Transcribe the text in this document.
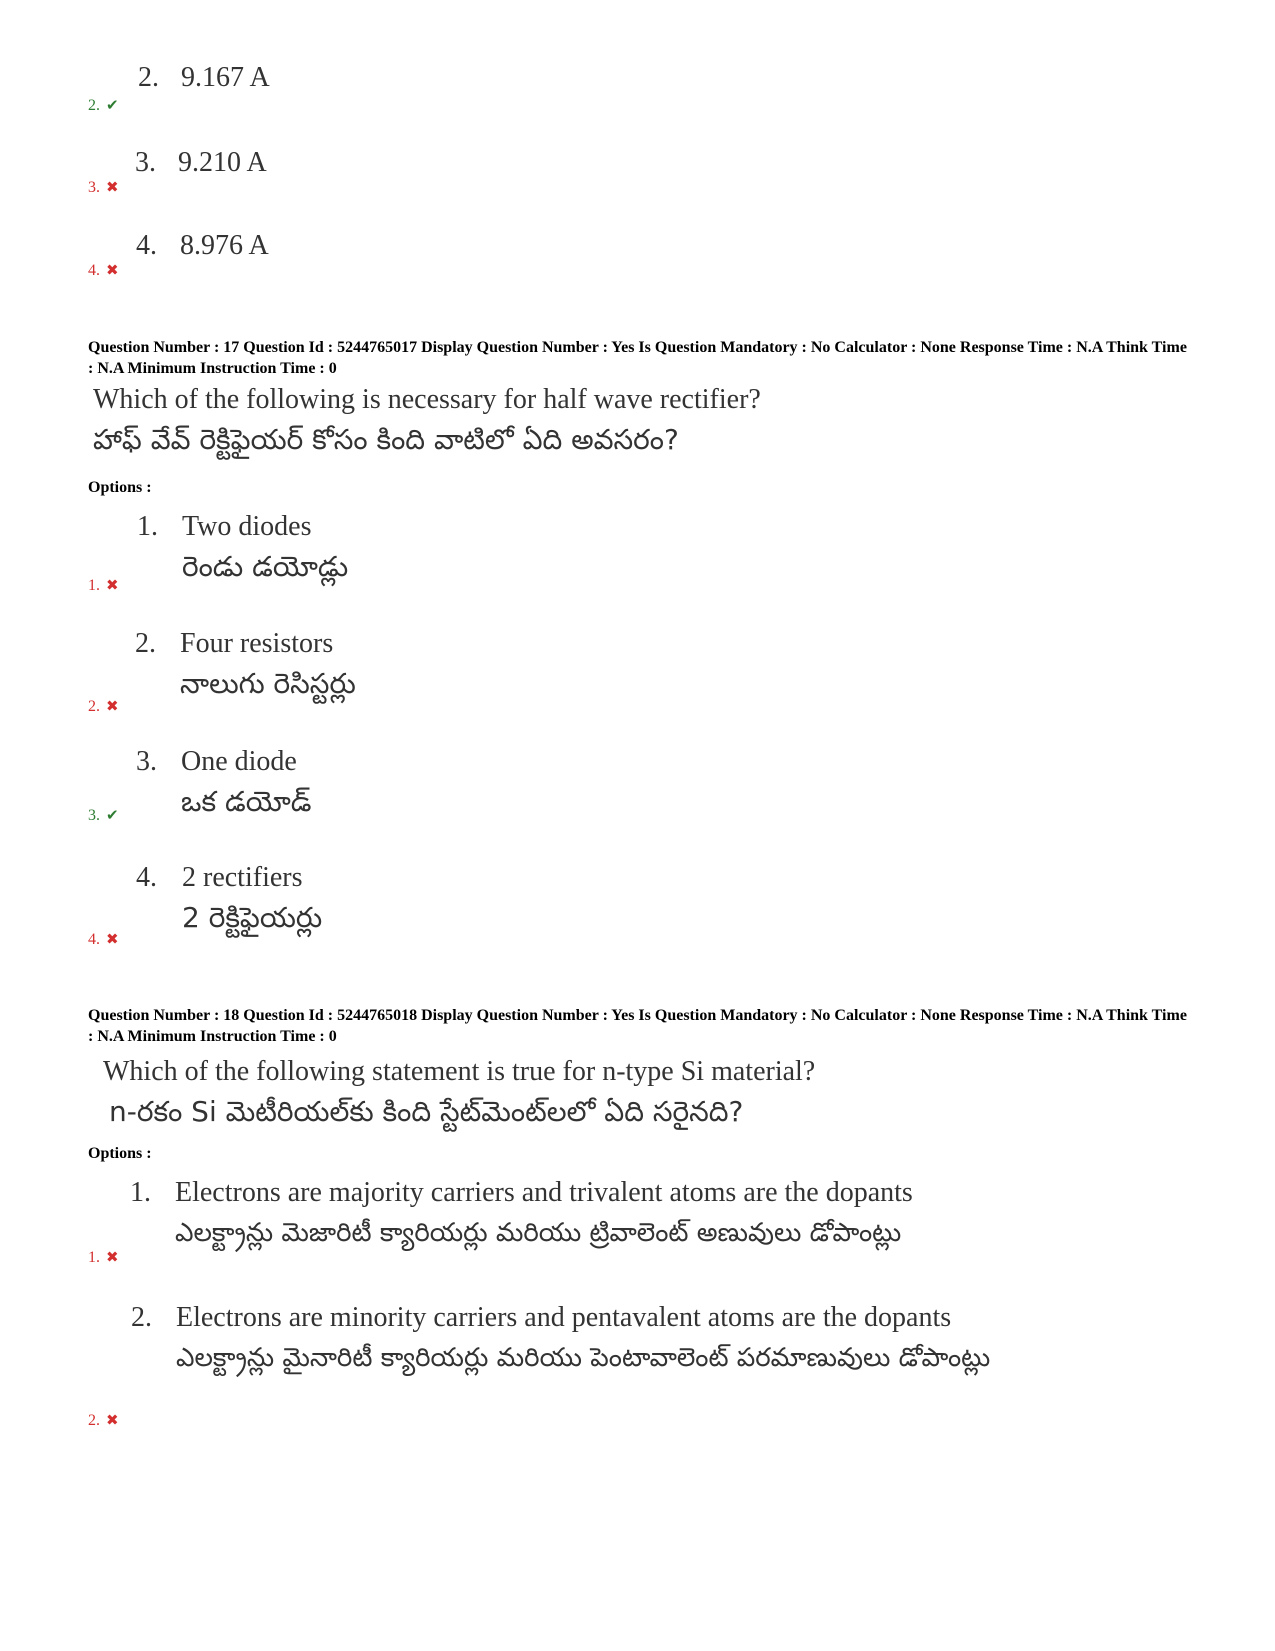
2. 9.167 A
2. ✔
3. 9.210 A
3. ✖
4. 8.976 A
4. ✖
Question Number : 17 Question Id : 5244765017 Display Question Number : Yes Is Question Mandatory : No Calculator : None Response Time : N.A Think Time : N.A Minimum Instruction Time : 0
Which of the following is necessary for half wave rectifier?
హాఫ్ వేవ్ రెక్టిఫైయర్ కోసం కింది వాటిలో ఏది అవసరం?
Options :
1. Two diodes
రెండు డయోడ్లు
1. ✖
2. Four resistors
నాలుగు రెసిస్టర్లు
2. ✖
3. One diode
ఒక డయోడ్
3. ✔
4. 2 rectifiers
2 రెక్టిఫైయర్లు
4. ✖
Question Number : 18 Question Id : 5244765018 Display Question Number : Yes Is Question Mandatory : No Calculator : None Response Time : N.A Think Time : N.A Minimum Instruction Time : 0
Which of the following statement is true for n-type Si material?
n-రకం Si మెటీరియల్‌కు కింది స్టేట్‌మెంట్‌లలో ఏది సరైనది?
Options :
1. Electrons are majority carriers and trivalent atoms are the dopants
ఎలక్ట్రాన్లు మెజారిటీ క్యారియర్లు మరియు ట్రివాలెంట్ అణువులు డోపాంట్లు
1. ✖
2. Electrons are minority carriers and pentavalent atoms are the dopants
ఎలక్ట్రాన్లు మైనారిటీ క్యారియర్లు మరియు పెంటావాలెంట్ పరమాణువులు డోపాంట్లు
2. ✖
